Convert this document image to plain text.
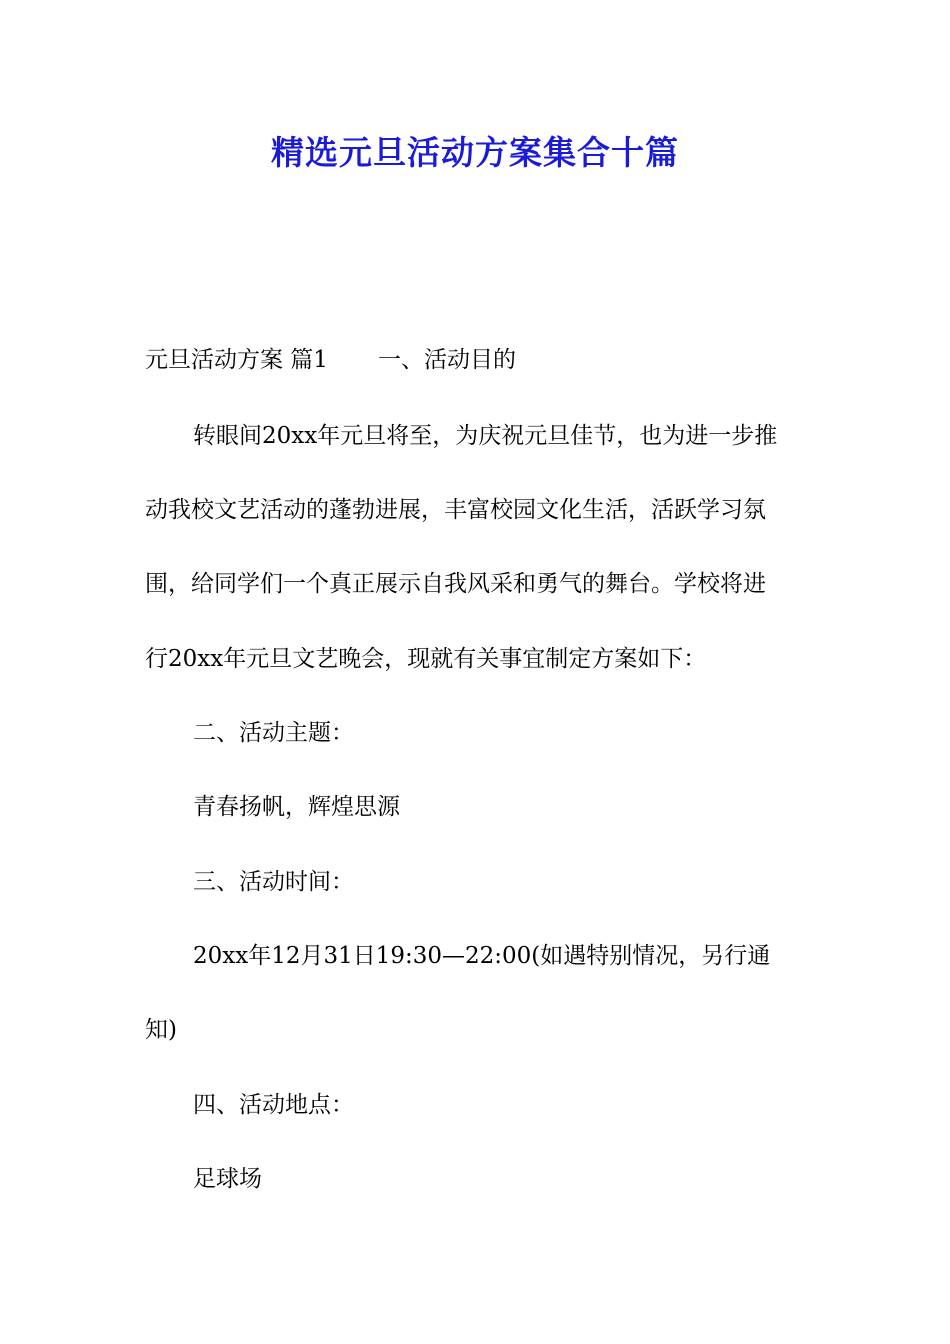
精选元旦活动方案集合十篇
元旦活动方案 篇1 一、活动目的
转眼间20xx年元旦将至，为庆祝元旦佳节，也为进一步推
动我校文艺活动的蓬勃进展，丰富校园文化生活，活跃学习氛
围，给同学们一个真正展示自我风采和勇气的舞台。学校将进
行20xx年元旦文艺晚会，现就有关事宜制定方案如下：
二、活动主题：
青春扬帆，辉煌思源
三、活动时间：
20xx年12月31日19:30—22:00(如遇特别情况，另行通
知)
四、活动地点：
足球场
